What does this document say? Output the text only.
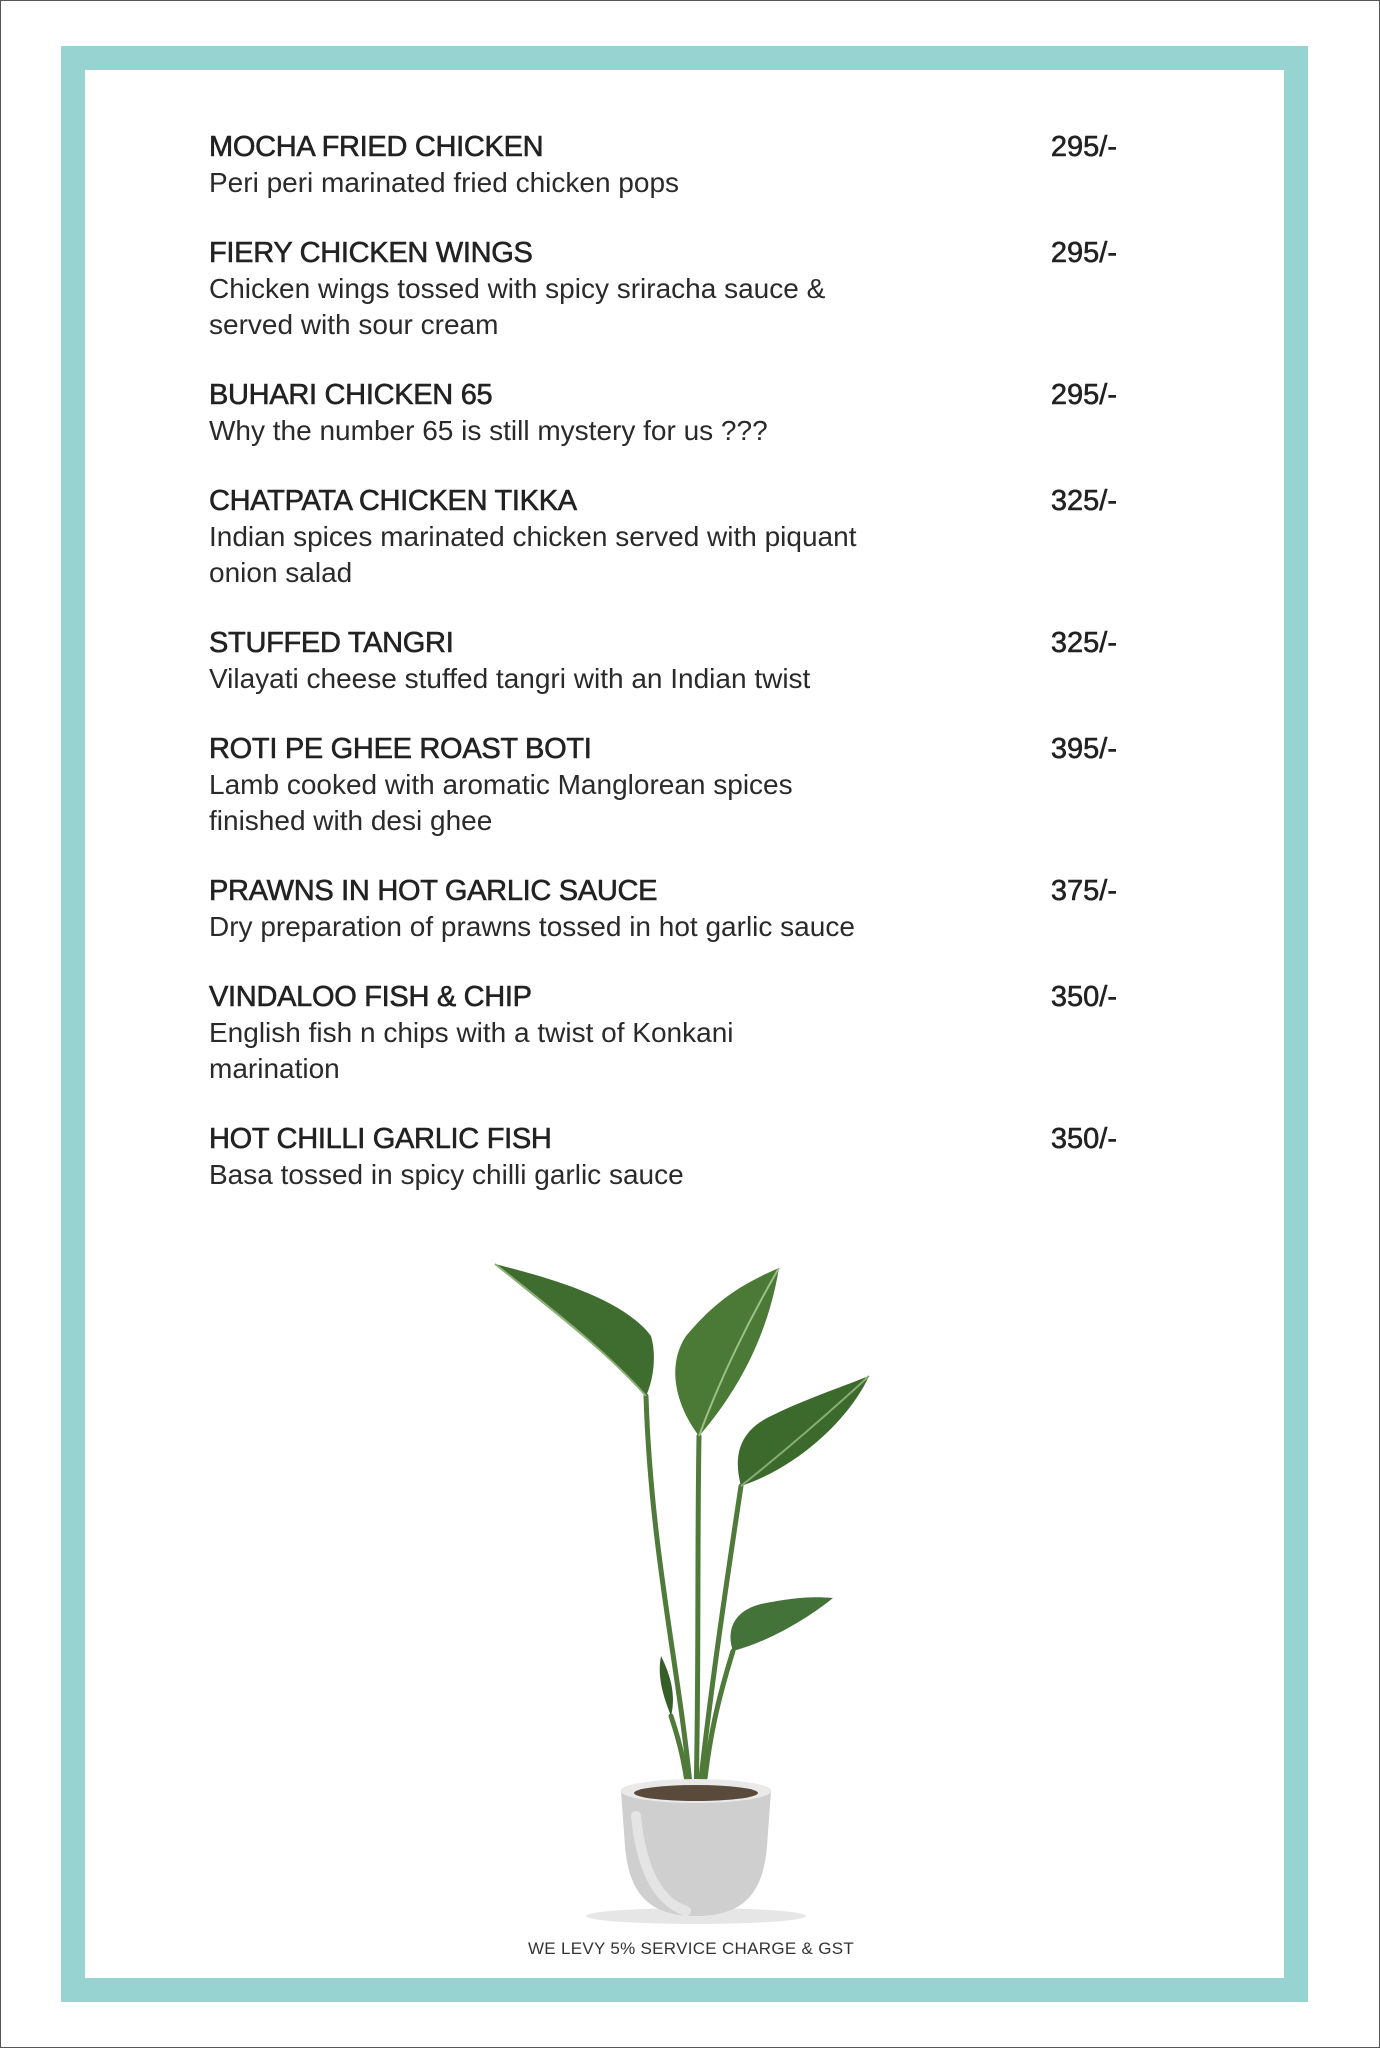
MOCHA FRIED CHICKEN	295/-
Peri peri marinated fried chicken pops
FIERY CHICKEN WINGS	295/-
Chicken wings tossed with spicy sriracha sauce & served with sour cream
BUHARI CHICKEN 65	295/-
Why the number 65 is still mystery for us ???
CHATPATA CHICKEN TIKKA	325/-
Indian spices marinated chicken served with piquant onion salad
STUFFED TANGRI	325/-
Vilayati cheese stuffed tangri with an Indian twist
ROTI PE GHEE ROAST BOTI	395/-
Lamb cooked with aromatic Manglorean spices finished with desi ghee
PRAWNS IN HOT GARLIC SAUCE	375/-
Dry preparation of prawns tossed in hot garlic sauce
VINDALOO FISH & CHIP	350/-
English fish n chips with a twist of Konkani marination
HOT CHILLI GARLIC FISH	350/-
Basa tossed in spicy chilli garlic sauce
WE LEVY 5% SERVICE CHARGE & GST
